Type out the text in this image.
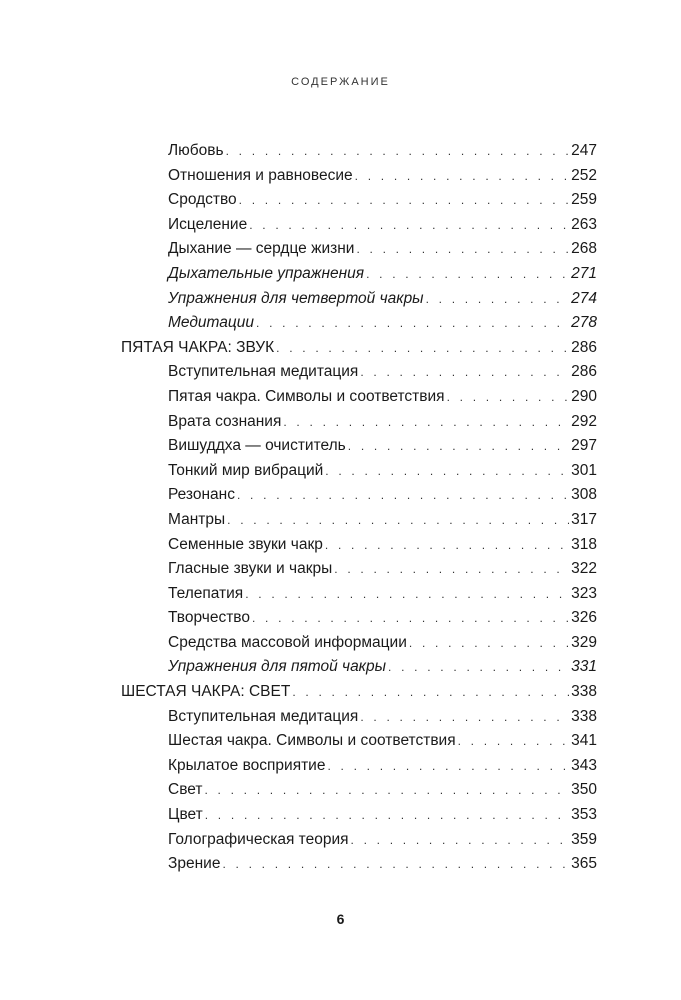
СОДЕРЖАНИЕ
Любовь . . .	247
Отношения и равновесие . . .	252
Сродство . . .	259
Исцеление . . .	263
Дыхание — сердце жизни . . .	268
Дыхательные упражнения . . .	271
Упражнения для четвертой чакры . . .	274
Медитации . . .	278
ПЯТАЯ ЧАКРА: ЗВУК . . .	286
Вступительная медитация . . .	286
Пятая чакра. Символы и соответствия . . .	290
Врата сознания . . .	292
Вишуддха — очиститель . . .	297
Тонкий мир вибраций . . .	301
Резонанс . . .	308
Мантры . . .	317
Семенные звуки чакр . . .	318
Гласные звуки и чакры . . .	322
Телепатия . . .	323
Творчество . . .	326
Средства массовой информации . . .	329
Упражнения для пятой чакры . . .	331
ШЕСТАЯ ЧАКРА: СВЕТ . . .	338
Вступительная медитация . . .	338
Шестая чакра. Символы и соответствия . . .	341
Крылатое восприятие . . .	343
Свет . . .	350
Цвет . . .	353
Голографическая теория . . .	359
Зрение . . .	365
6
